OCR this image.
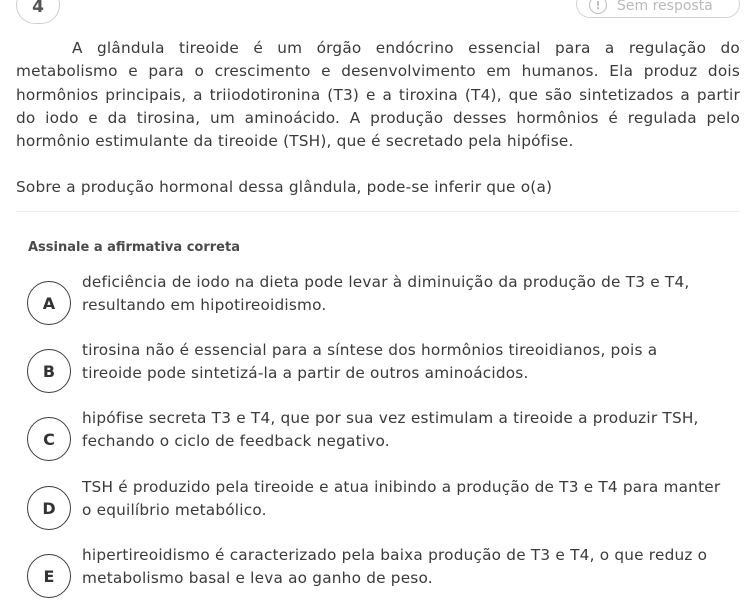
4	!	Sem resposta

A glândula tireoide é um órgão endócrino essencial para a regulação do metabolismo e para o crescimento e desenvolvimento em humanos. Ela produz dois hormônios principais, a triiodotironina (T3) e a tiroxina (T4), que são sintetizados a partir do iodo e da tirosina, um aminoácido. A produção desses hormônios é regulada pelo hormônio estimulante da tireoide (TSH), que é secretado pela hipófise.

Sobre a produção hormonal dessa glândula, pode-se inferir que o(a)

Assinale a afirmativa correta
A
deficiência de iodo na dieta pode levar à diminuição da produção de T3 e T4, resultando em hipotireoidismo.
B
tirosina não é essencial para a síntese dos hormônios tireoidianos, pois a tireoide pode sintetizá-la a partir de outros aminoácidos.
C
hipófise secreta T3 e T4, que por sua vez estimulam a tireoide a produzir TSH, fechando o ciclo de feedback negativo.
D
TSH é produzido pela tireoide e atua inibindo a produção de T3 e T4 para manter o equilíbrio metabólico.
E
hipertireoidismo é caracterizado pela baixa produção de T3 e T4, o que reduz o metabolismo basal e leva ao ganho de peso.
